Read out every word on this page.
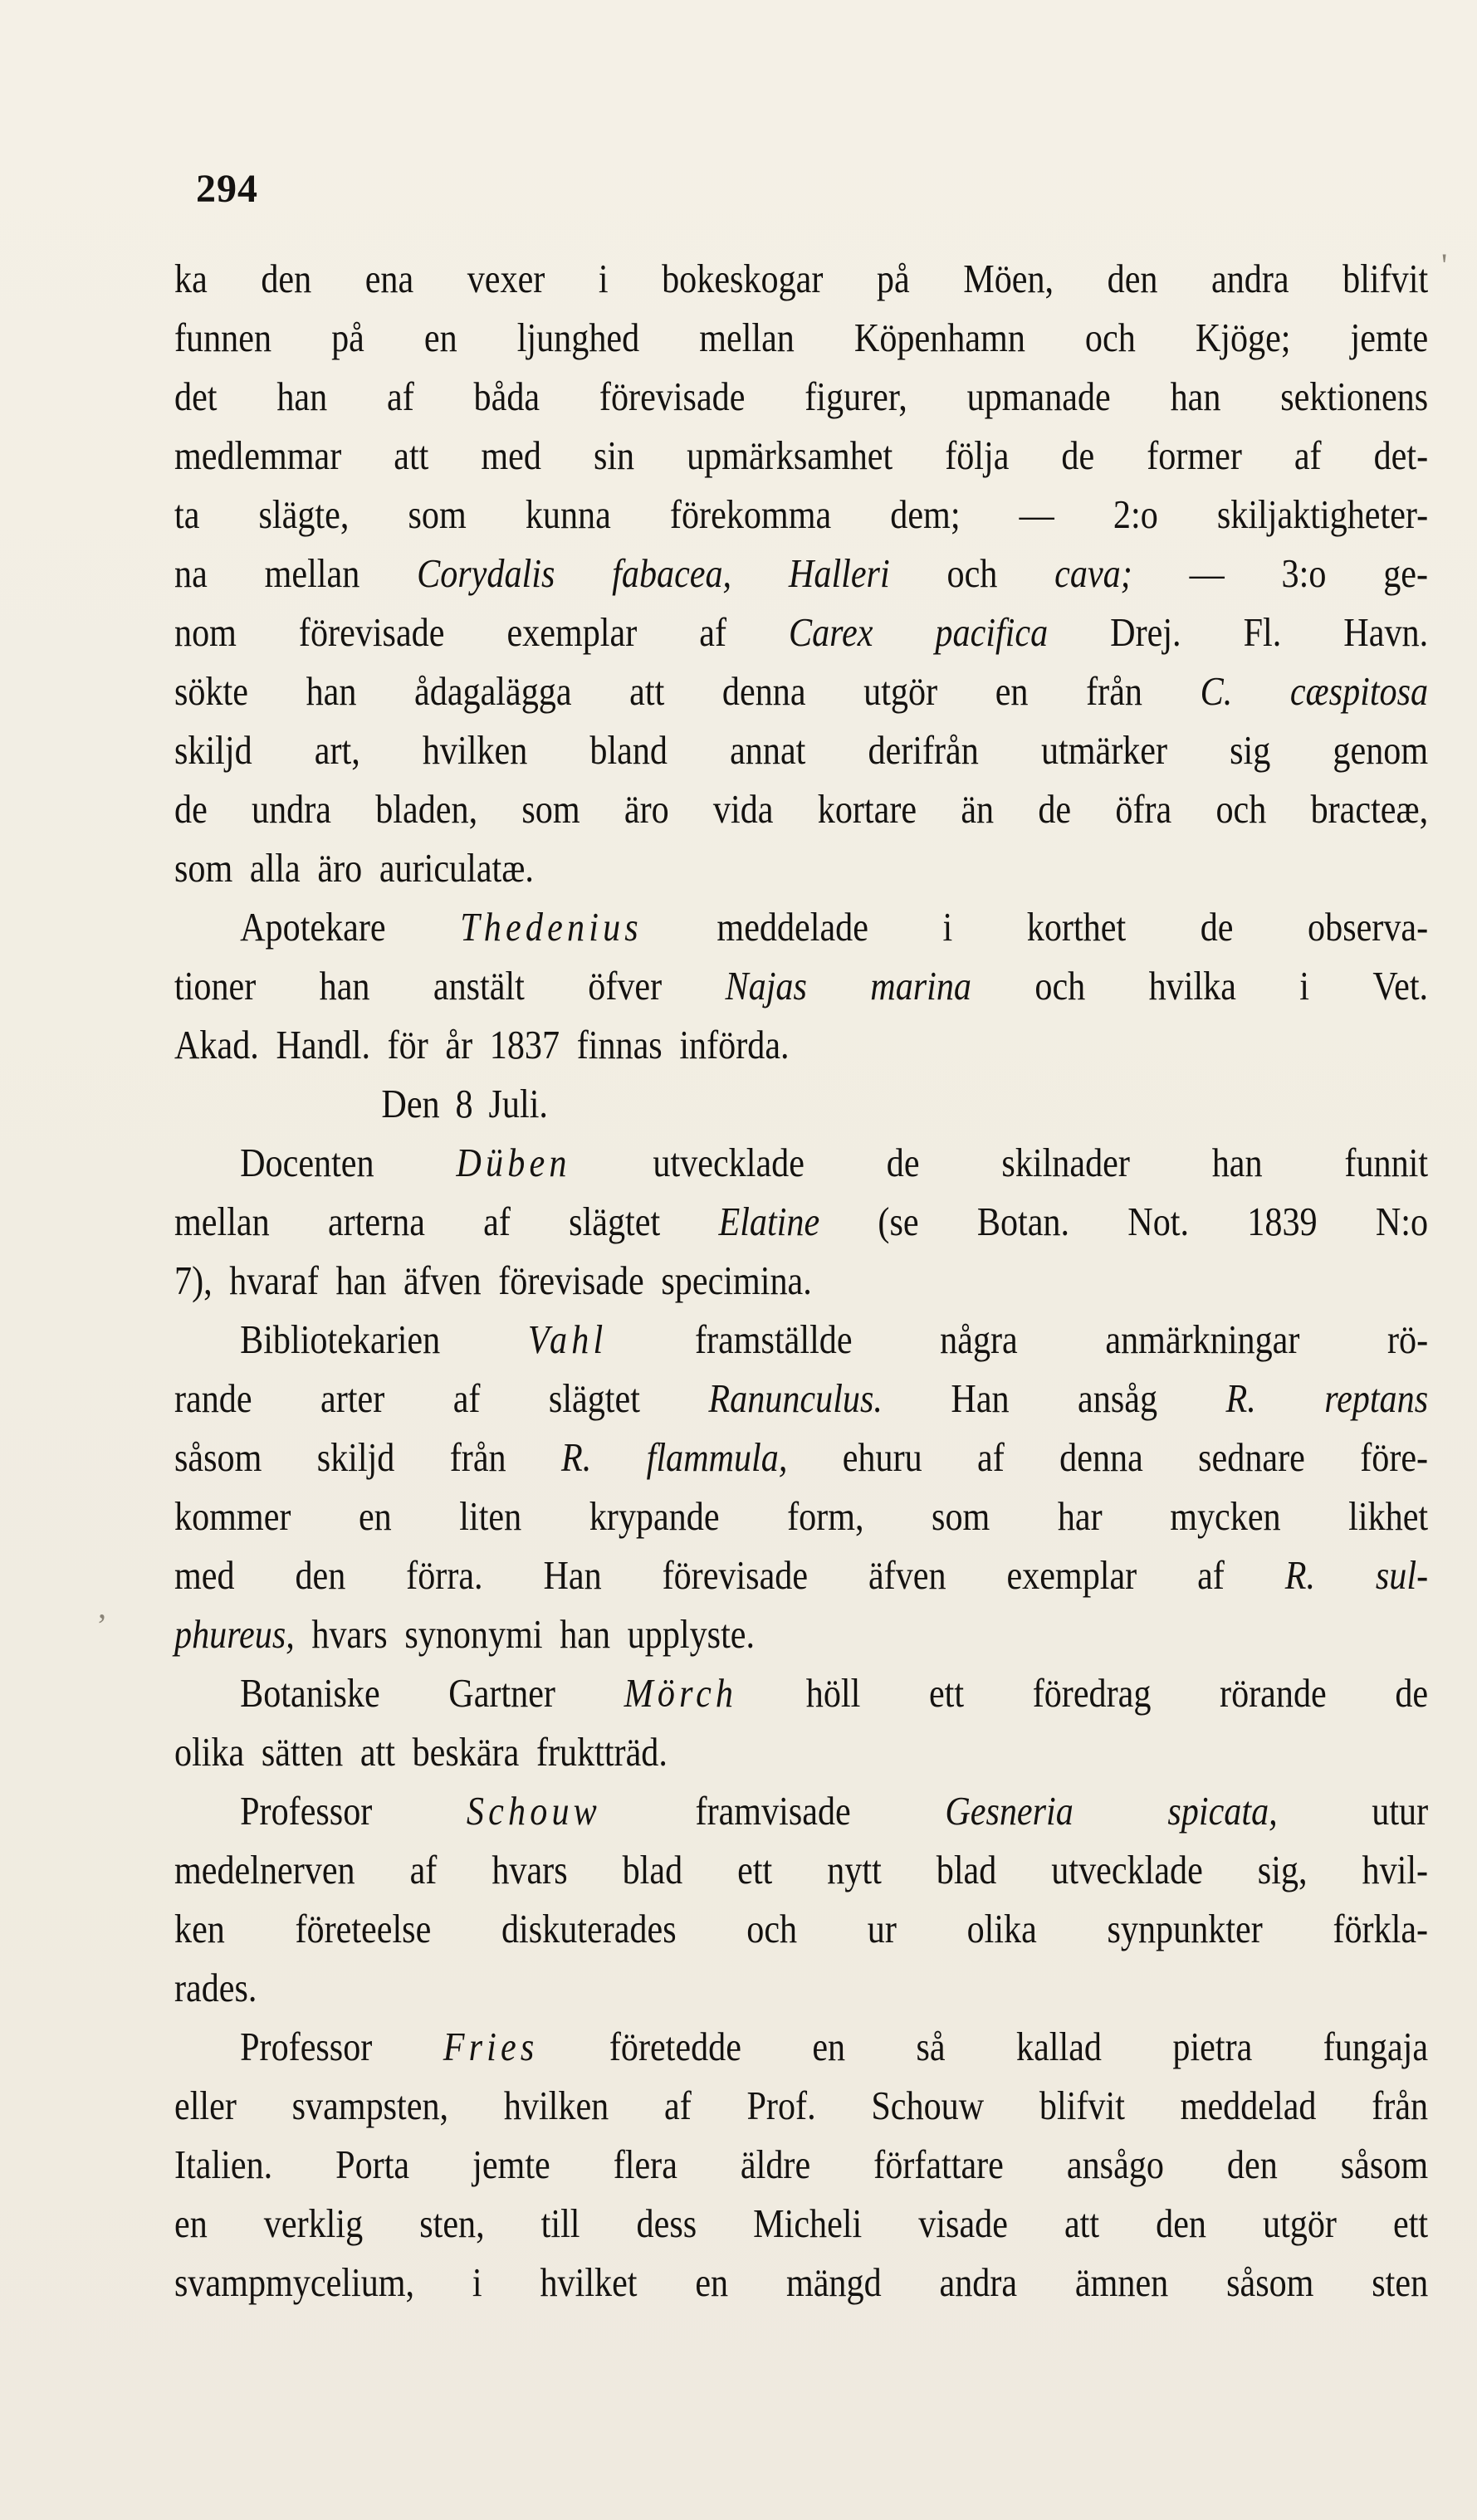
294
ka den ena vexer i bokeskogar på Möen, den andra blifvit
funnen på en ljunghed mellan Köpenhamn och Kjöge; jemte
det han af båda förevisade figurer, upmanade han sektionens
medlemmar att med sin upmärksamhet följa de former af det-
ta slägte, som kunna förekomma dem; — 2:o skiljaktigheter-
na mellan Corydalis fabacea, Halleri och cava; — 3:o ge-
nom förevisade exemplar af Carex pacifica Drej. Fl. Havn.
sökte han ådagalägga att denna utgör en från C. cæspitosa
skiljd art, hvilken bland annat derifrån utmärker sig genom
de undra bladen, som äro vida kortare än de öfra och bracteæ,
som alla äro auriculatæ.
Apotekare Thedenius meddelade i korthet de observa-
tioner han anstält öfver Najas marina och hvilka i Vet.
Akad. Handl. för år 1837 finnas införda.
Den 8 Juli.
Docenten Düben utvecklade de skilnader han funnit
mellan arterna af slägtet Elatine (se Botan. Not. 1839 N:o
7), hvaraf han äfven förevisade specimina.
Bibliotekarien Vahl framställde några anmärkningar rö-
rande arter af slägtet Ranunculus. Han ansåg R. reptans
såsom skiljd från R. flammula, ehuru af denna sednare före-
kommer en liten krypande form, som har mycken likhet
med den förra. Han förevisade äfven exemplar af R. sul-
phureus, hvars synonymi han upplyste.
Botaniske Gartner Mörch höll ett föredrag rörande de
olika sätten att beskära fruktträd.
Professor Schouw framvisade Gesneria spicata, utur
medelnerven af hvars blad ett nytt blad utvecklade sig, hvil-
ken företeelse diskuterades och ur olika synpunkter förkla-
rades.
Professor Fries företedde en så kallad pietra fungaja
eller svampsten, hvilken af Prof. Schouw blifvit meddelad från
Italien. Porta jemte flera äldre författare ansågo den såsom
en verklig sten, till dess Micheli visade att den utgör ett
svampmycelium, i hvilket en mängd andra ämnen såsom sten
'
,
